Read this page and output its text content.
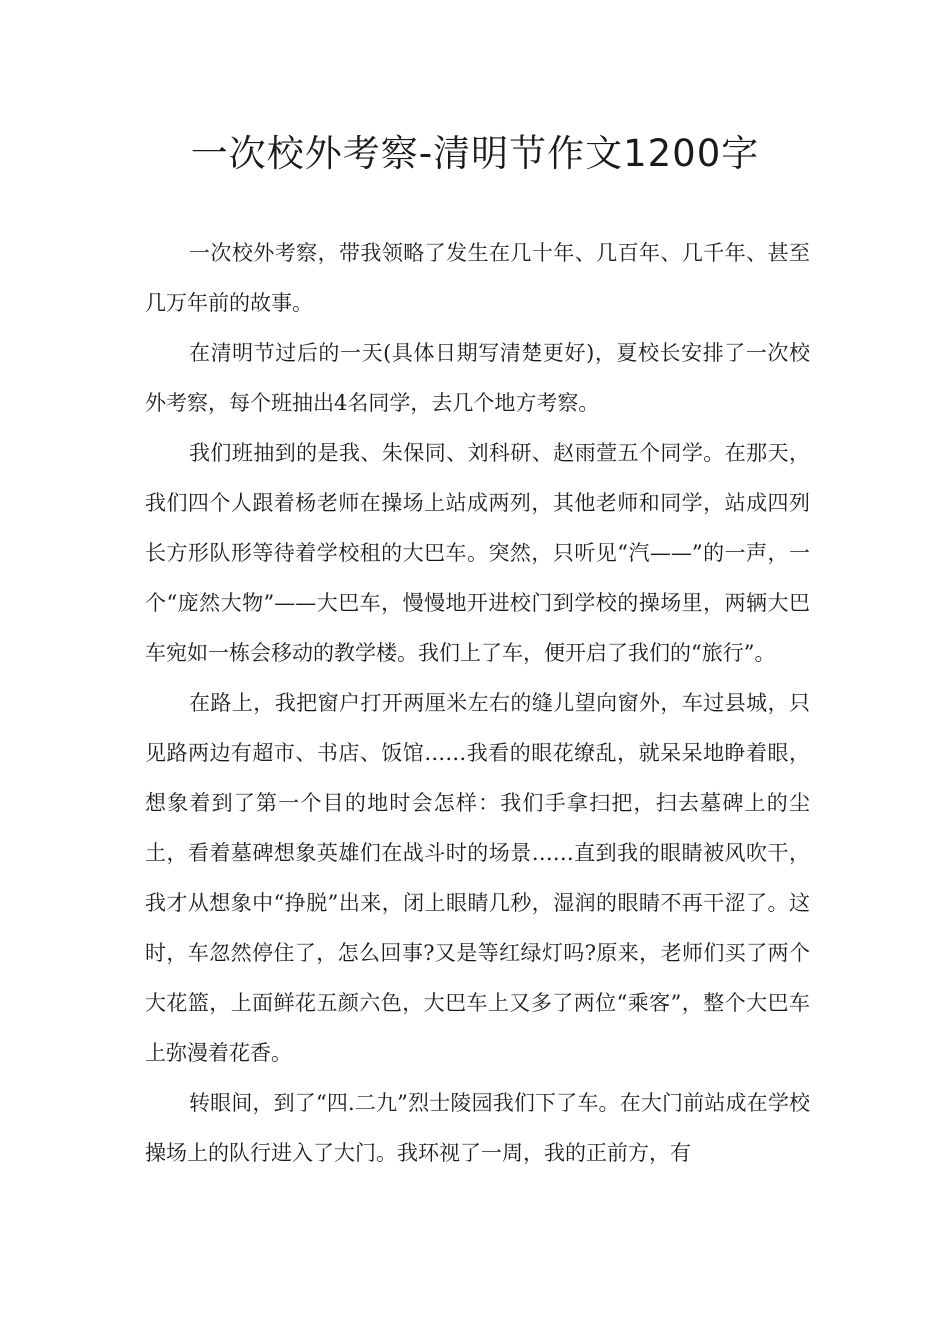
一次校外考察-清明节作文1200字

一次校外考察，带我领略了发生在几十年、几百年、几千年、甚至几万年前的故事。

在清明节过后的一天(具体日期写清楚更好)，夏校长安排了一次校外考察，每个班抽出4名同学，去几个地方考察。

我们班抽到的是我、朱保同、刘科研、赵雨萱五个同学。在那天，我们四个人跟着杨老师在操场上站成两列，其他老师和同学，站成四列长方形队形等待着学校租的大巴车。突然，只听见“汽——”的一声，一个“庞然大物”——大巴车，慢慢地开进校门到学校的操场里，两辆大巴车宛如一栋会移动的教学楼。我们上了车，便开启了我们的“旅行”。

在路上，我把窗户打开两厘米左右的缝儿望向窗外，车过县城，只见路两边有超市、书店、饭馆……我看的眼花缭乱，就呆呆地睁着眼，想象着到了第一个目的地时会怎样：我们手拿扫把，扫去墓碑上的尘土，看着墓碑想象英雄们在战斗时的场景……直到我的眼睛被风吹干，我才从想象中“挣脱”出来，闭上眼睛几秒，湿润的眼睛不再干涩了。这时，车忽然停住了，怎么回事?又是等红绿灯吗?原来，老师们买了两个大花篮，上面鲜花五颜六色，大巴车上又多了两位“乘客”，整个大巴车上弥漫着花香。

转眼间，到了“四.二九”烈士陵园我们下了车。在大门前站成在学校操场上的队行进入了大门。我环视了一周，我的正前方，有
